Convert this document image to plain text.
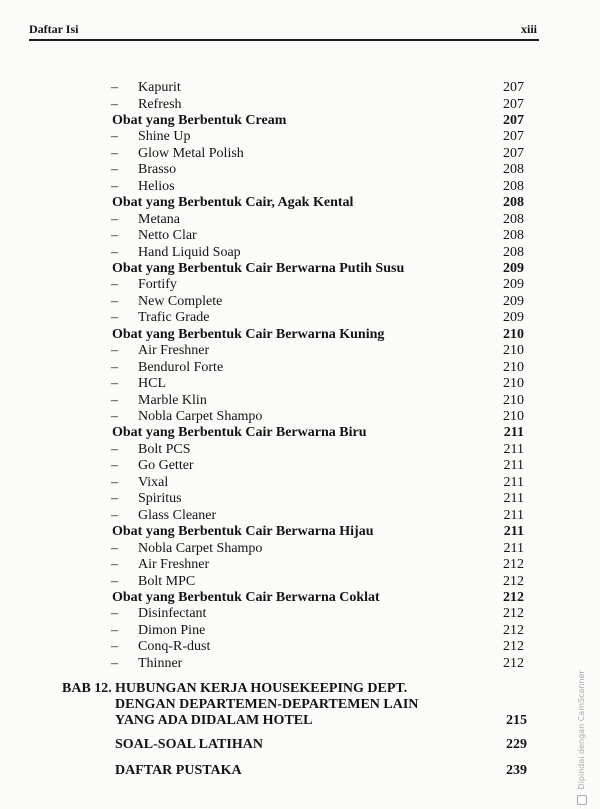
Daftar Isi	xiii
– Kapurit	207
– Refresh	207
Obat yang Berbentuk Cream	207
– Shine Up	207
– Glow Metal Polish	207
– Brasso	208
– Helios	208
Obat yang Berbentuk Cair, Agak Kental	208
– Metana	208
– Netto Clar	208
– Hand Liquid Soap	208
Obat yang Berbentuk Cair Berwarna Putih Susu	209
– Fortify	209
– New Complete	209
– Trafic Grade	209
Obat yang Berbentuk Cair Berwarna Kuning	210
– Air Freshner	210
– Bendurol Forte	210
– HCL	210
– Marble Klin	210
– Nobla Carpet Shampo	210
Obat yang Berbentuk Cair Berwarna Biru	211
– Bolt PCS	211
– Go Getter	211
– Vixal	211
– Spiritus	211
– Glass Cleaner	211
Obat yang Berbentuk Cair Berwarna Hijau	211
– Nobla Carpet Shampo	211
– Air Freshner	212
– Bolt MPC	212
Obat yang Berbentuk Cair Berwarna Coklat	212
– Disinfectant	212
– Dimon Pine	212
– Conq-R-dust	212
– Thinner	212
BAB 12. HUBUNGAN KERJA HOUSEKEEPING DEPT.
DENGAN DEPARTEMEN-DEPARTEMEN LAIN
YANG ADA DIDALAM HOTEL	215
SOAL-SOAL LATIHAN	229
DAFTAR PUSTAKA	239	Dipindai dengan CamScanner
